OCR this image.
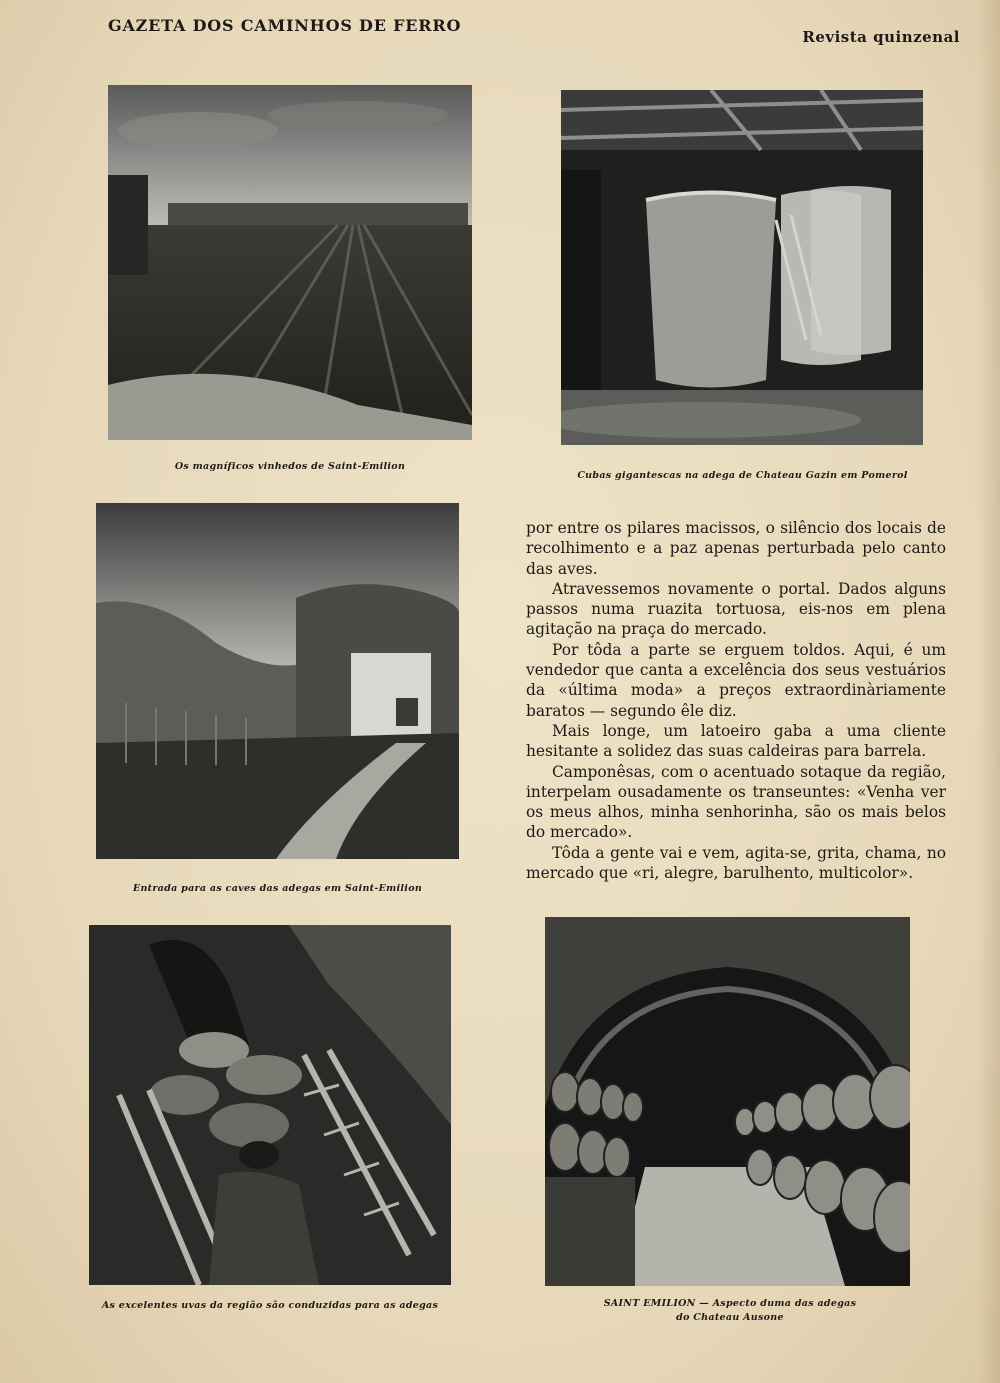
GAZETA DOS CAMINHOS DE FERRO
Revista quinzenal
Os magníficos vinhedos de Saint-Emilion
Cubas gigantescas na adega de Chateau Gazin em Pomerol
Entrada para as caves das adegas em Saint-Emilion

por entre os pilares macissos, o silêncio dos locais de recolhimento e a paz apenas perturbada pelo canto das aves.

Atravessemos novamente o portal. Dados alguns passos numa ruazita tortuosa, eis-nos em plena agitação na praça do mercado.

Por tôda a parte se erguem toldos. Aqui, é um vendedor que canta a excelência dos seus vestuários da «última moda» a preços extraordinàriamente baratos — segundo êle diz.

Mais longe, um latoeiro gaba a uma cliente hesitante a solidez das suas caldeiras para barrela.

Camponêsas, com o acentuado sotaque da região, interpelam ousadamente os transeuntes: «Venha ver os meus alhos, minha senhorinha, são os mais belos do mercado».

Tôda a gente vai e vem, agita-se, grita, chama, no mercado que «ri, alegre, barulhento, multicolor».

As excelentes uvas da região são conduzidas para as adegas	SAINT EMILION — Aspecto duma das adegas
do Chateau Ausone
